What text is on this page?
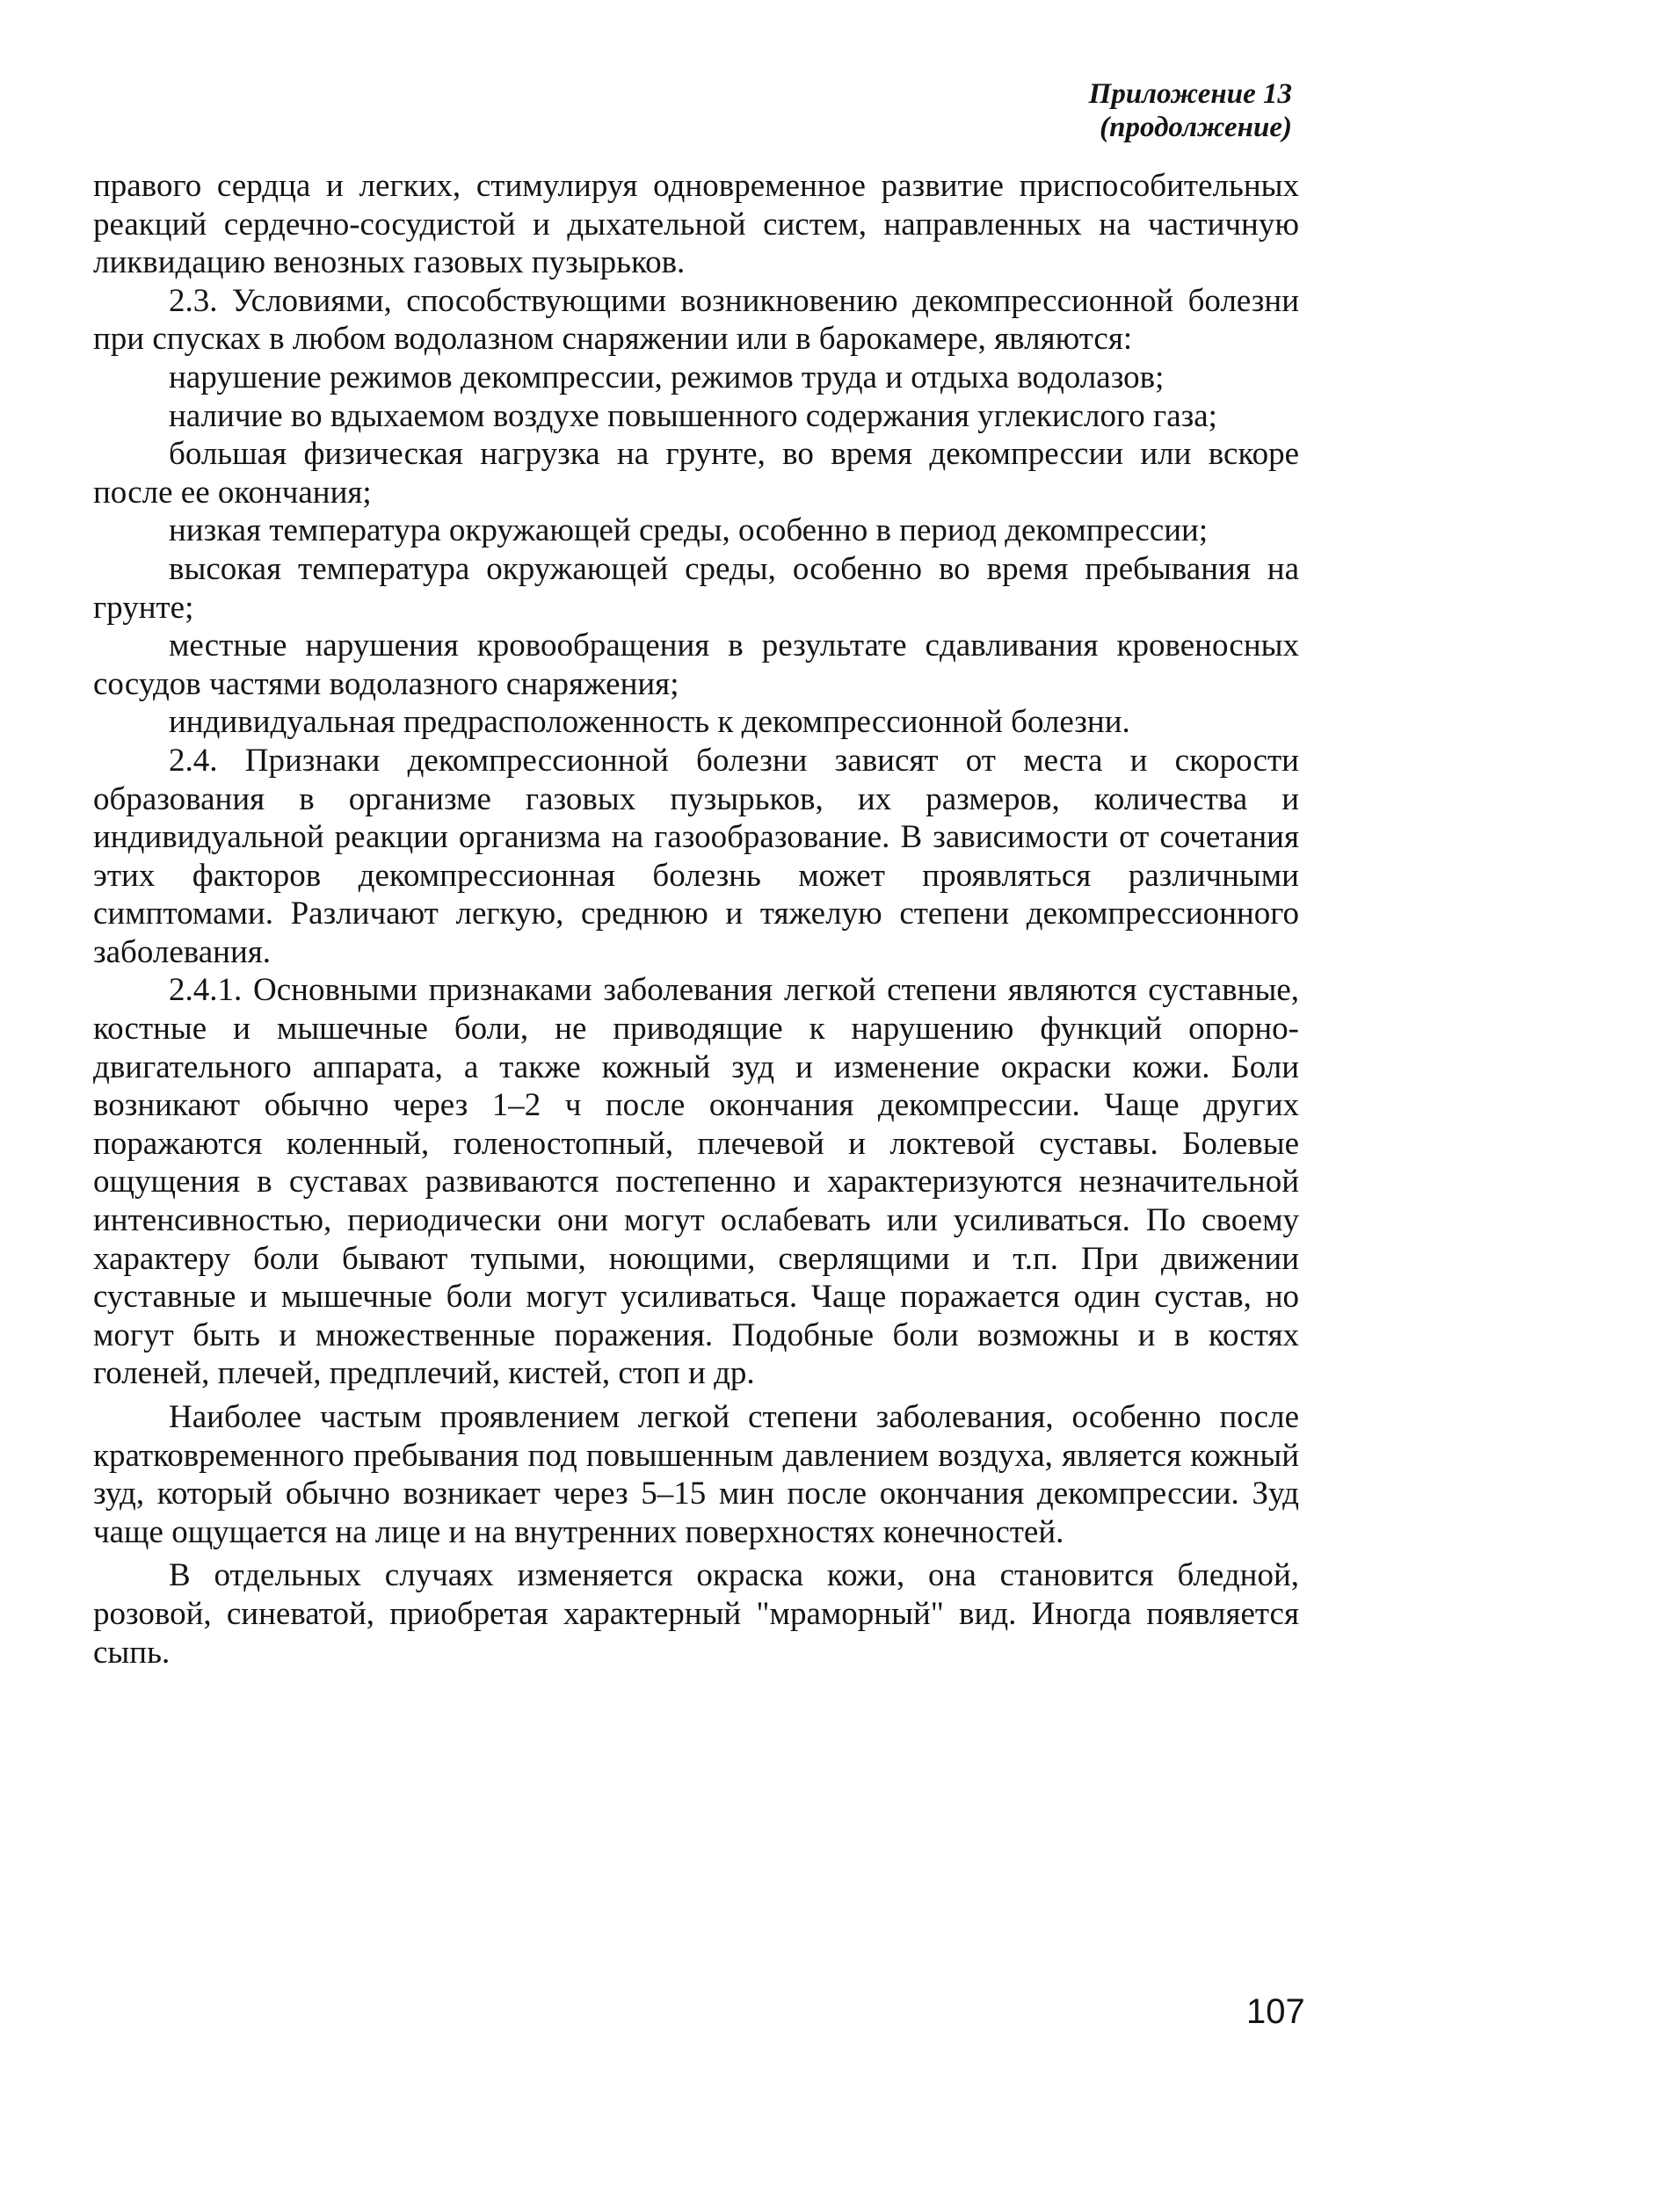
Приложение 13
(продолжение)

правого сердца и легких, стимулируя одновременное развитие приспособительных реакций сердечно-сосудистой и дыхательной систем, направленных на частичную ликвидацию венозных газовых пузырьков.

2.3. Условиями, способствующими возникновению декомпрессионной болезни при спусках в любом водолазном снаряжении или в барокамере, являются:

нарушение режимов декомпрессии, режимов труда и отдыха водолазов;

наличие во вдыхаемом воздухе повышенного содержания углекислого газа;

большая физическая нагрузка на грунте, во время декомпрессии или вскоре после ее окончания;

низкая температура окружающей среды, особенно в период декомпрессии;

высокая температура окружающей среды, особенно во время пребывания на грунте;

местные нарушения кровообращения в результате сдавливания кровеносных сосудов частями водолазного снаряжения;

индивидуальная предрасположенность к декомпрессионной болезни.

2.4. Признаки декомпрессионной болезни зависят от места и скорости образования в организме газовых пузырьков, их размеров, количества и индивидуальной реакции организма на газообразование. В зависимости от сочетания этих факторов декомпрессионная болезнь может проявляться различными симптомами. Различают легкую, среднюю и тяжелую степени декомпрессионного заболевания.

2.4.1. Основными признаками заболевания легкой степени являются суставные, костные и мышечные боли, не приводящие к нарушению функций опорно-двигательного аппарата, а также кожный зуд и изменение окраски кожи. Боли возникают обычно через 1–2 ч после окончания декомпрессии. Чаще других поражаются коленный, голеностопный, плечевой и локтевой суставы. Болевые ощущения в суставах развиваются постепенно и характеризуются незначительной интенсивностью, периодически они могут ослабевать или усиливаться. По своему характеру боли бывают тупыми, ноющими, сверлящими и т.п. При движении суставные и мышечные боли могут усиливаться. Чаще поражается один сустав, но могут быть и множественные поражения. Подобные боли возможны и в костях голеней, плечей, предплечий, кистей, стоп и др.

Наиболее частым проявлением легкой степени заболевания, особенно после кратковременного пребывания под повышенным давлением воздуха, является кожный зуд, который обычно возникает через 5–15 мин после окончания декомпрессии. Зуд чаще ощущается на лице и на внутренних поверхностях конечностей.

В отдельных случаях изменяется окраска кожи, она становится бледной, розовой, синеватой, приобретая характерный "мраморный" вид. Иногда появляется сыпь.

107
